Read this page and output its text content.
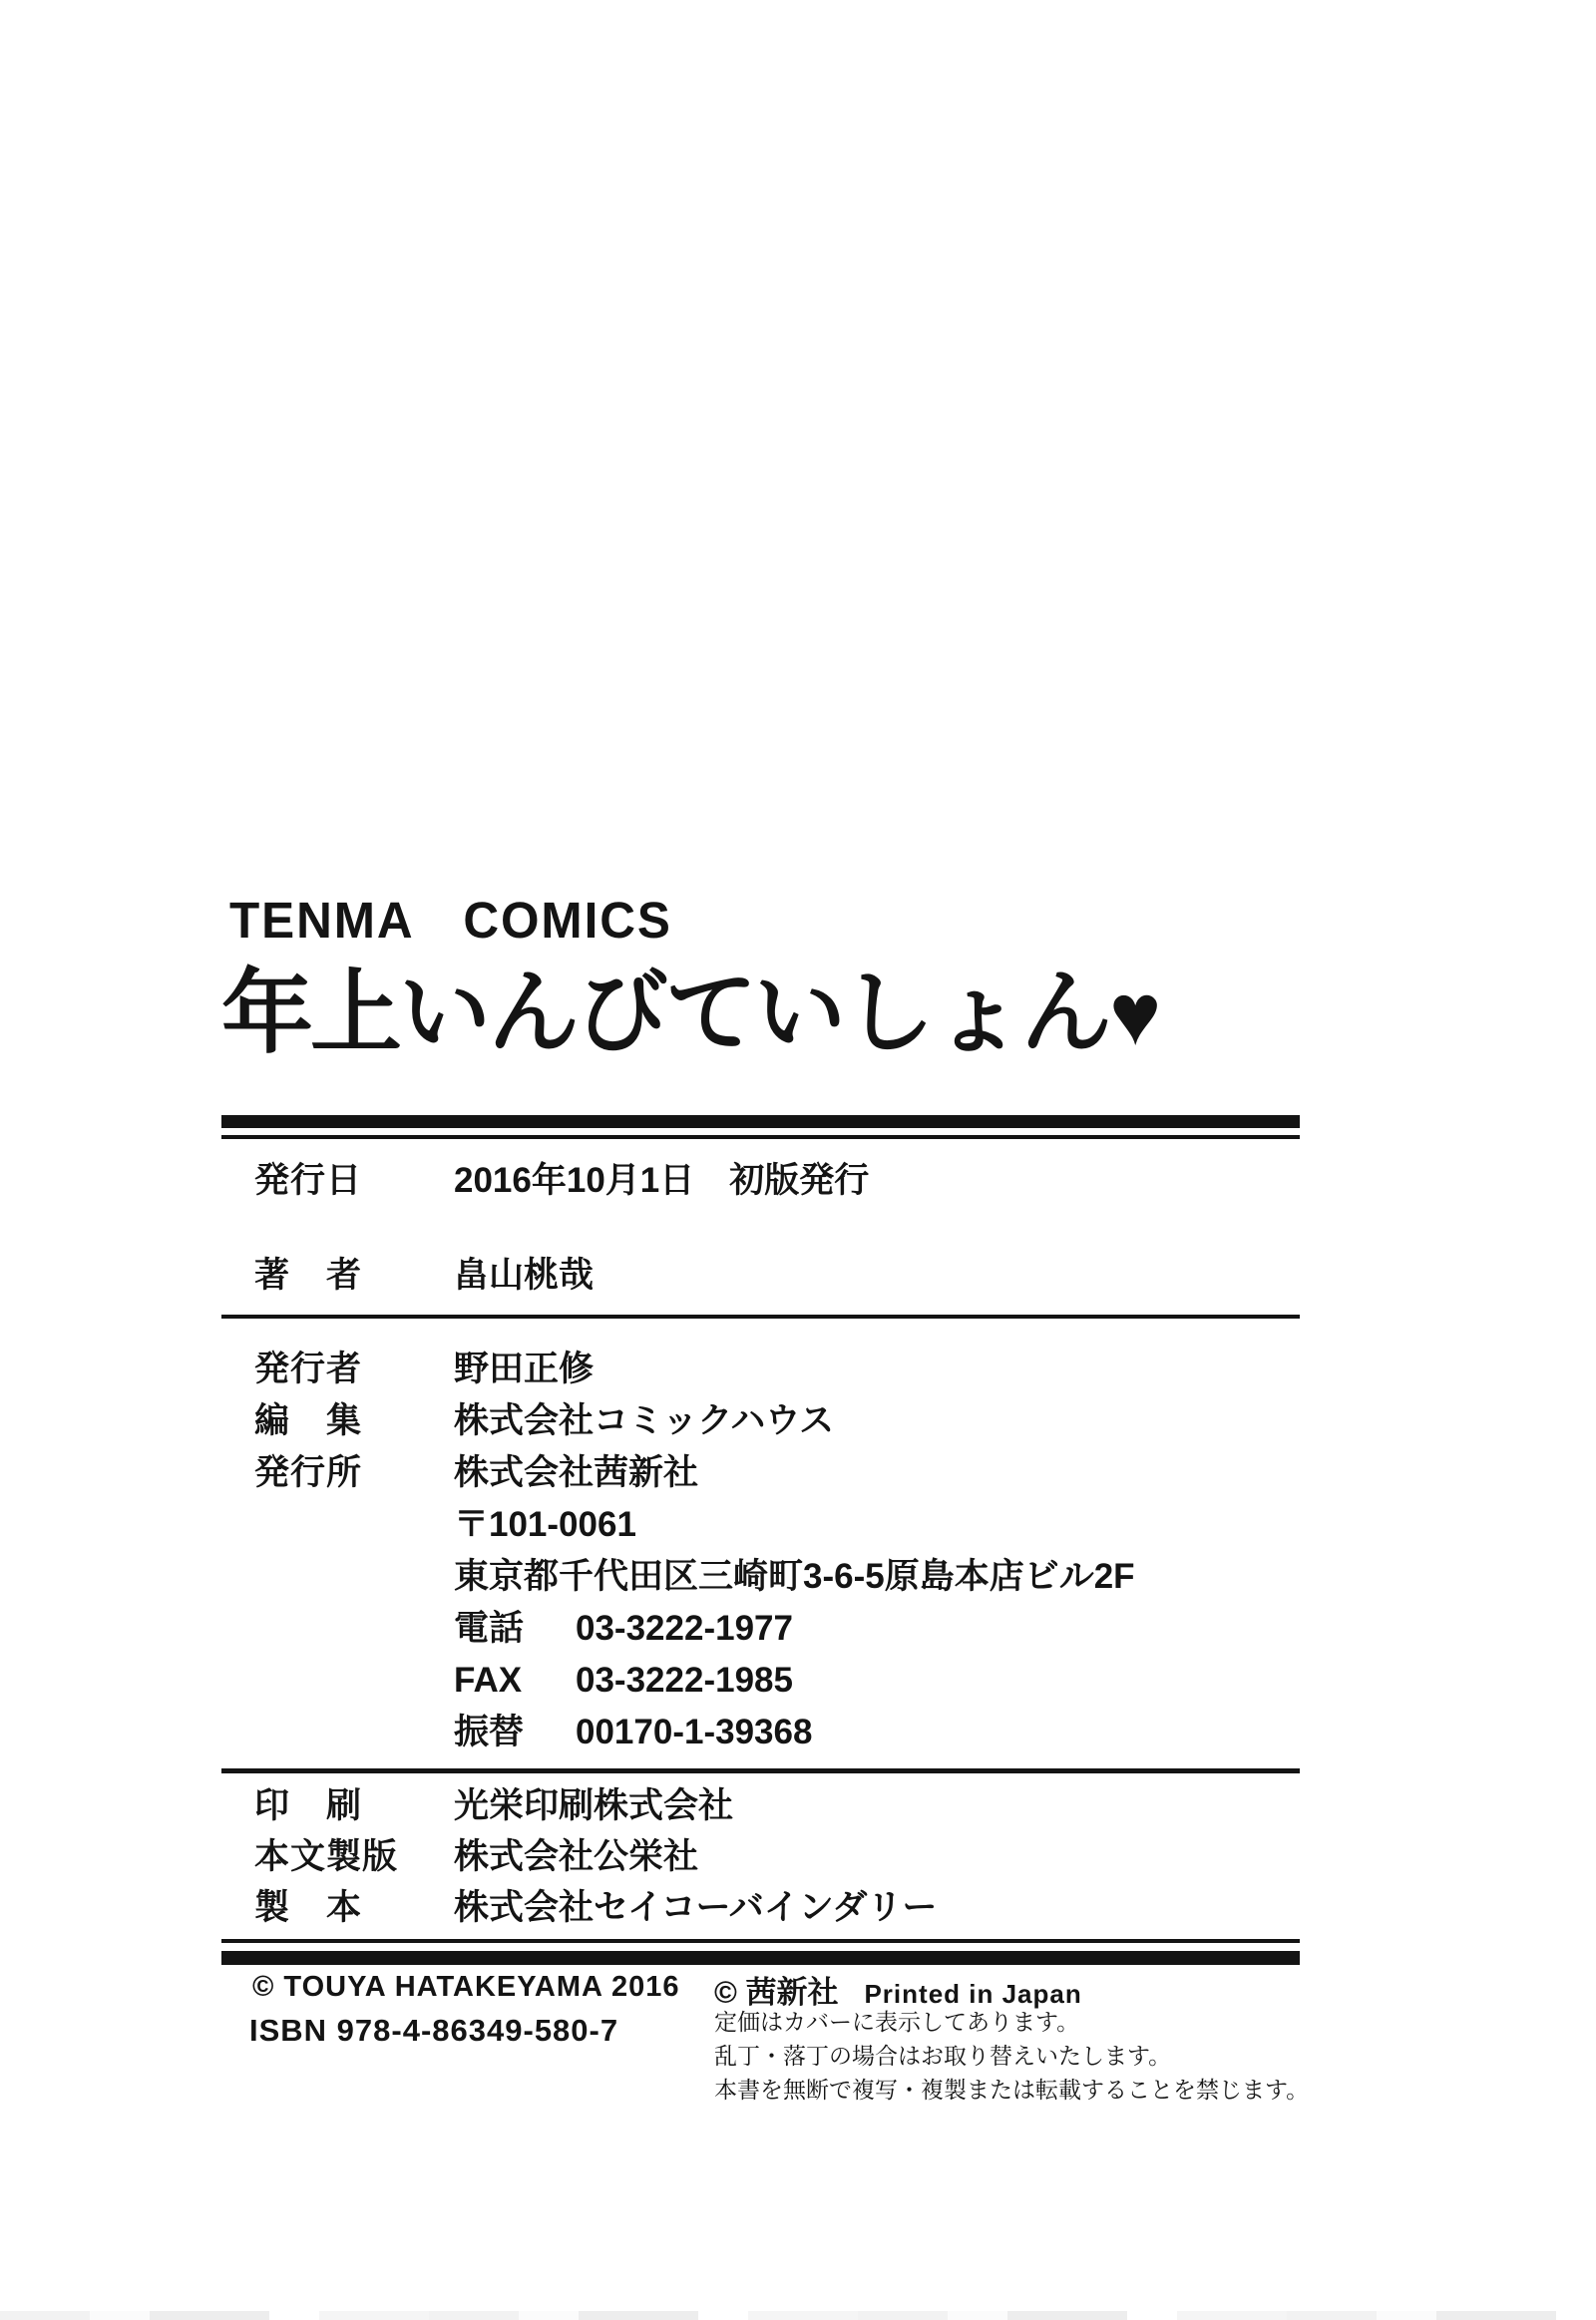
TENMA COMICS
年上いんびていしょん♥
発行日	2016年10月1日　初版発行
著　者	畠山桃哉
発行者	野田正修
編　集	株式会社コミックハウス
発行所	株式会社茜新社
〒101-0061
東京都千代田区三崎町3-6-5原島本店ビル2F
電話	03-3222-1977
FAX	03-3222-1985
振替	00170-1-39368
印　刷	光栄印刷株式会社
本文製版	株式会社公栄社
製　本	株式会社セイコーバインダリー
© TOUYA HATAKEYAMA 2016
ISBN 978-4-86349-580-7
© 茜新社 Printed in Japan
定価はカバーに表示してあります。
乱丁・落丁の場合はお取り替えいたします。
本書を無断で複写・複製または転載することを禁じます。
